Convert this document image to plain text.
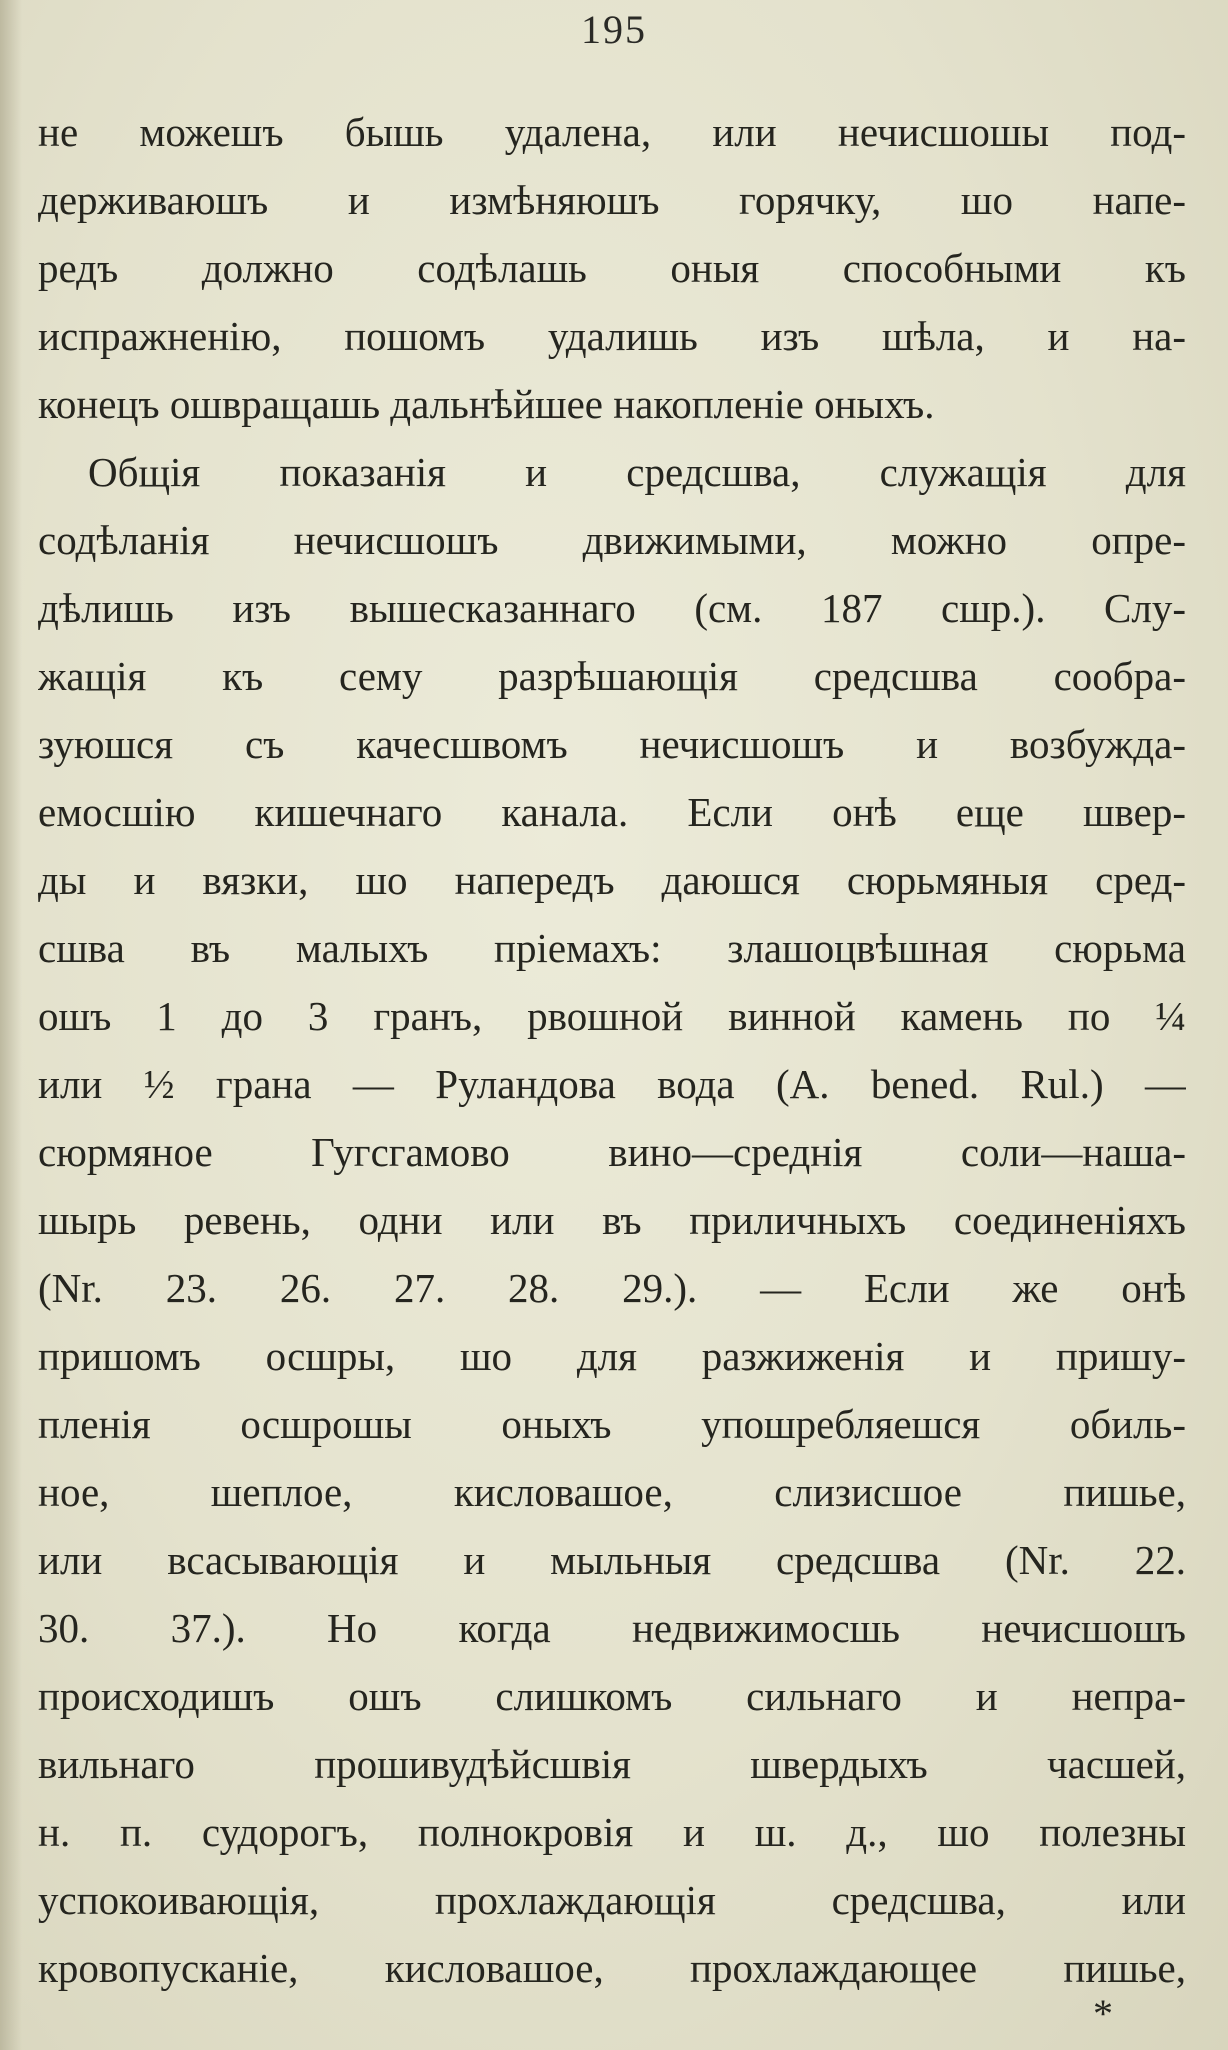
195
не можешъ бышь удалена, или нечисшошы под-
держиваюшъ и измѣняюшъ горячку, шо напе-
редъ должно содѣлашь оныя способными къ
испражненію, пошомъ удалишь изъ шѣла, и на-
конецъ ошвращашь дальнѣйшее накопленіе оныхъ.
Общія показанія и средсшва, служащія для
содѣланія нечисшошъ движимыми, можно опре-
дѣлишь изъ вышесказаннаго (см. 187 сшр.). Слу-
жащія къ сему разрѣшающія средсшва сообра-
зуюшся съ качесшвомъ нечисшошъ и возбужда-
емосшію кишечнаго канала. Если онѣ еще швер-
ды и вязки, шо напередъ даюшся сюрьмяныя сред-
сшва въ малыхъ пріемахъ: злашоцвѣшная сюрьма
ошъ 1 до 3 гранъ, рвошной винной камень по ¼
или ½ грана — Руландова вода (A. bened. Rul.) —
сюрмяное Гугсгамово вино—среднія соли—нашa-
шырь ревень, одни или въ приличныхъ соединеніяхъ
(Nr. 23. 26. 27. 28. 29.). — Если же онѣ
пришомъ осшры, шо для разжиженія и пришу-
пленія осшрошы оныхъ упошребляешся обиль-
ное, шеплое, кисловашое, слизисшое пишье,
или всасывающія и мыльныя средсшва (Nr. 22.
30. 37.). Но когда недвижимосшь нечисшошъ
происходишъ ошъ слишкомъ сильнаго и непра-
вильнаго прошивудѣйсшвія швердыхъ часшей,
н. п. судорогъ, полнокровія и ш. д., шо полезны
успокоивающія, прохлаждающія средсшва, или
кровопусканіе, кисловашое, прохлаждающее пишье,
*
